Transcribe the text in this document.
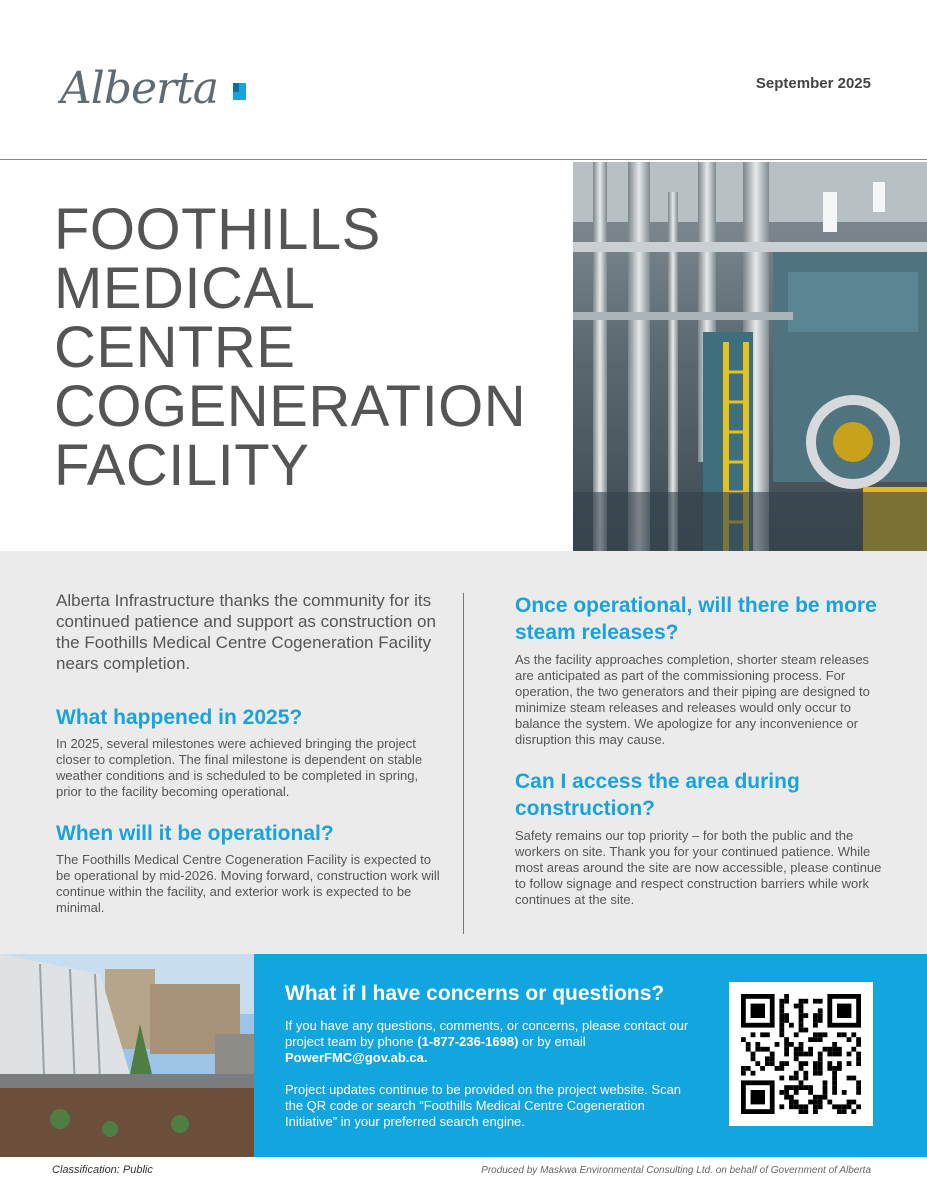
Alberta	September 2025
FOOTHILLS
MEDICAL
CENTRE
COGENERATION
FACILITY

Alberta Infrastructure thanks the community for its continued patience and support as construction on the Foothills Medical Centre Cogeneration Facility nears completion.

What happened in 2025?

In 2025, several milestones were achieved bringing the project closer to completion. The final milestone is dependent on stable weather conditions and is scheduled to be completed in spring, prior to the facility becoming operational.

When will it be operational?

The Foothills Medical Centre Cogeneration Facility is expected to be operational by mid-2026. Moving forward, construction work will continue within the facility, and exterior work is expected to be minimal.

Once operational, will there be more steam releases?

As the facility approaches completion, shorter steam releases are anticipated as part of the commissioning process. For operation, the two generators and their piping are designed to minimize steam releases and releases would only occur to balance the system. We apologize for any inconvenience or disruption this may cause.

Can I access the area during construction?

Safety remains our top priority – for both the public and the workers on site. Thank you for your continued patience. While most areas around the site are now accessible, please continue to follow signage and respect construction barriers while work continues at the site.

What if I have concerns or questions?

If you have any questions, comments, or concerns, please contact our project team by phone (1-877-236-1698) or by email PowerFMC@gov.ab.ca.

Project updates continue to be provided on the project website. Scan the QR code or search “Foothills Medical Centre Cogeneration Initiative” in your preferred search engine.

Classification: Public	Produced by Maskwa Environmental Consulting Ltd. on behalf of Government of Alberta
